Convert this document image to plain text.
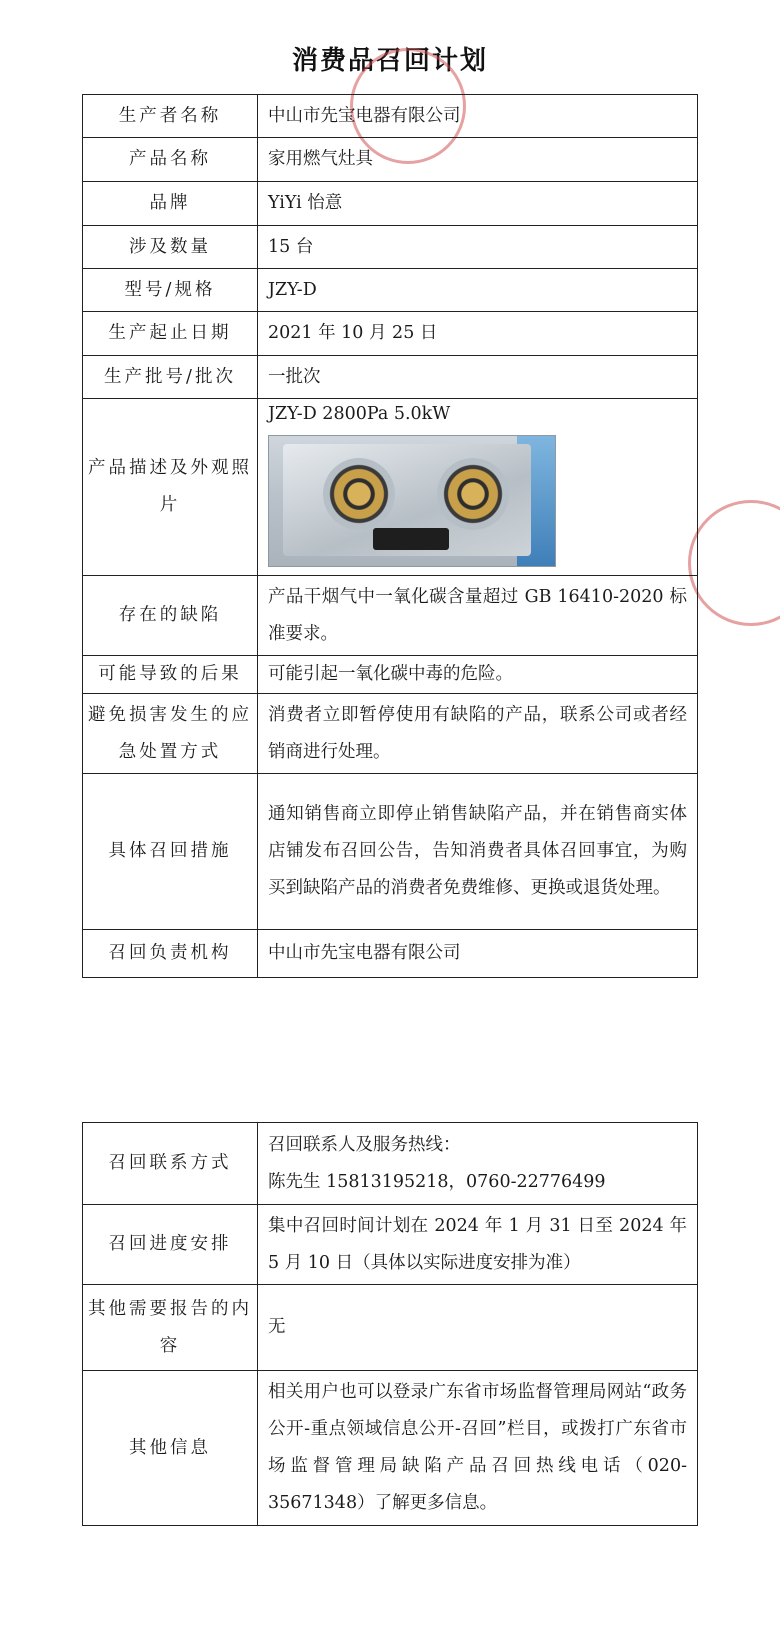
消费品召回计划
生产者名称	中山市先宝电器有限公司
产品名称	家用燃气灶具
品牌	YiYi 怡意
涉及数量	15 台
型号/规格	JZY-D
生产起止日期	2021 年 10 月 25 日
生产批号/批次	一批次
产品描述及外观照片	JZY-D 2800Pa 5.0kW

存在的缺陷	产品干烟气中一氧化碳含量超过 GB 16410-2020 标准要求。
可能导致的后果	可能引起一氧化碳中毒的危险。
避免损害发生的应急处置方式	消费者立即暂停使用有缺陷的产品，联系公司或者经销商进行处理。
具体召回措施	通知销售商立即停止销售缺陷产品，并在销售商实体店铺发布召回公告，告知消费者具体召回事宜，为购买到缺陷产品的消费者免费维修、更换或退货处理。
召回负责机构	中山市先宝电器有限公司
召回联系方式	召回联系人及服务热线：
陈先生 15813195218，0760-22776499

召回进度安排	集中召回时间计划在 2024 年 1 月 31 日至 2024 年 5 月 10 日（具体以实际进度安排为准）
其他需要报告的内容	无
其他信息	相关用户也可以登录广东省市场监督管理局网站“政务公开-重点领域信息公开-召回”栏目，或拨打广东省市场监督管理局缺陷产品召回热线电话（020-35671348）了解更多信息。
